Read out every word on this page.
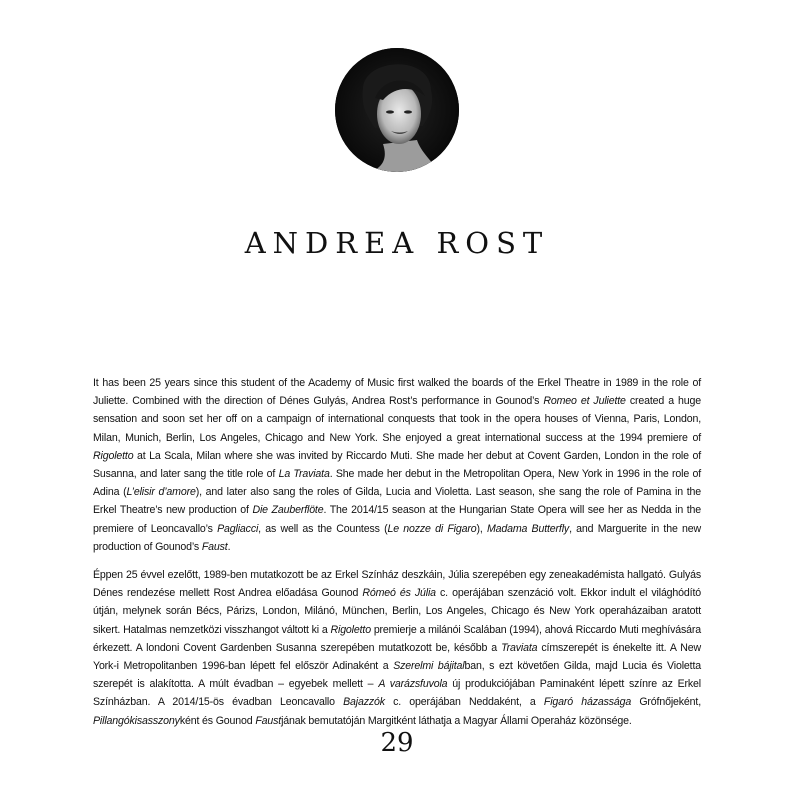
ANDREA ROST

It has been 25 years since this student of the Academy of Music first walked the boards of the Erkel Theatre in 1989 in the role of Juliette. Combined with the direction of Dénes Gulyás, Andrea Rost’s performance in Gounod’s Romeo et Juliette created a huge sensation and soon set her off on a campaign of international conquests that took in the opera houses of Vienna, Paris, London, Milan, Munich, Berlin, Los Angeles, Chicago and New York. She enjoyed a great international success at the 1994 premiere of Rigoletto at La Scala, Milan where she was invited by Riccardo Muti. She made her debut at Covent Garden, London in the role of Susanna, and later sang the title role of La Traviata. She made her debut in the Metropolitan Opera, New York in 1996 in the role of Adina (L’elisir d’amore), and later also sang the roles of Gilda, Lucia and Violetta. Last season, she sang the role of Pamina in the Erkel Theatre’s new production of Die Zauberflöte. The 2014/15 season at the Hungarian State Opera will see her as Nedda in the premiere of Leoncavallo’s Pagliacci, as well as the Countess (Le nozze di Figaro), Madama Butterfly, and Marguerite in the new production of Gounod’s Faust.

Éppen 25 évvel ezelőtt, 1989-ben mutatkozott be az Erkel Színház deszkáin, Júlia szerepében egy zeneakadémista hallgató. Gulyás Dénes rendezése mellett Rost Andrea előadása Gounod Rómeó és Júlia c. operájában szenzáció volt. Ekkor indult el világhódító útján, melynek során Bécs, Párizs, London, Milánó, München, Berlin, Los Angeles, Chicago és New York operaházaiban aratott sikert. Hatalmas nemzetközi visszhangot váltott ki a Rigoletto premierje a milánói Scalában (1994), ahová Riccardo Muti meghívására érkezett. A londoni Covent Gardenben Susanna szerepében mutatkozott be, később a Traviata címszerepét is énekelte itt. A New York-i Metropolitanben 1996-ban lépett fel először Adinaként a Szerelmi bájitalban, s ezt követően Gilda, majd Lucia és Violetta szerepét is alakította. A múlt évadban – egyebek mellett – A varázsfuvola új produkciójában Paminaként lépett színre az Erkel Színházban. A 2014/15-ös évadban Leoncavallo Bajazzók c. operájában Neddaként, a Figaró házassága Grófnőjeként, Pillangókisasszonyként és Gounod Faustjának bemutatóján Margitként láthatja a Magyar Állami Operaház közönsége.

29
